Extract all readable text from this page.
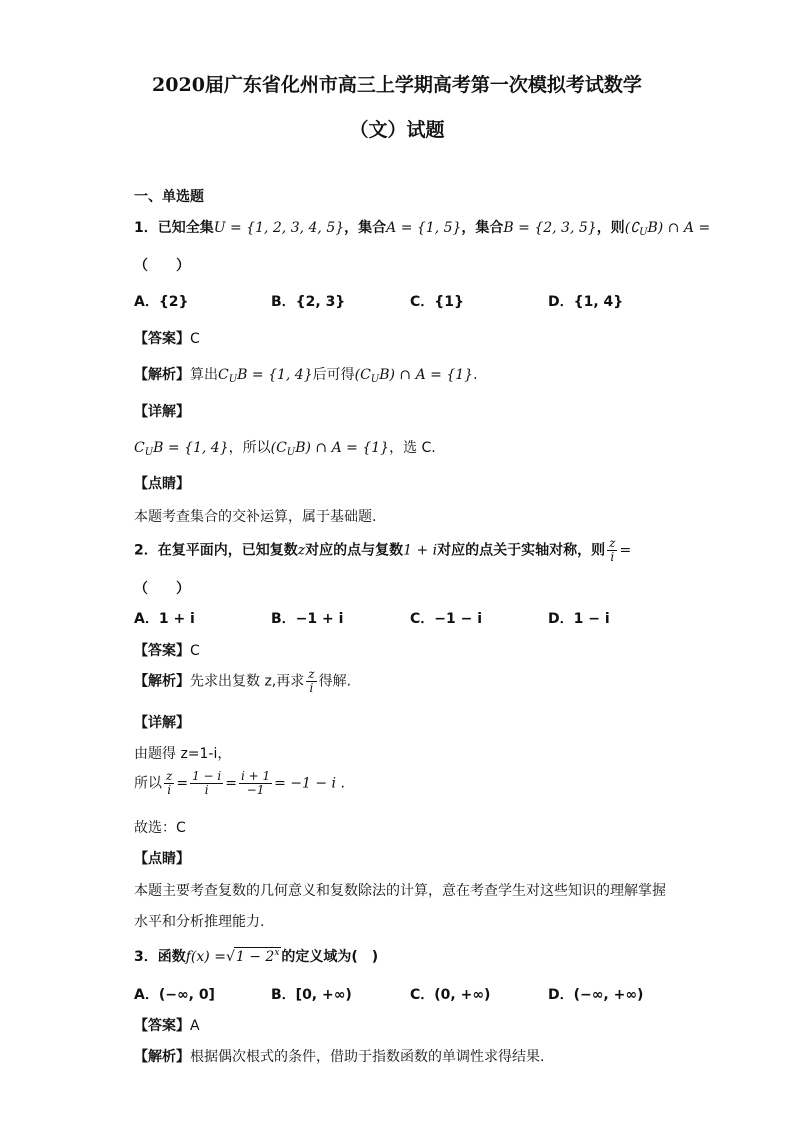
2020届广东省化州市高三上学期高考第一次模拟考试数学
（文）试题
一、单选题
1．已知全集U = {1, 2, 3, 4, 5}，集合A = {1, 5}，集合B = {2, 3, 5}，则$(∁_UB)$ ∩ A =
（　　）
A．{2}	B．{2, 3}	C．{1}	D．{1, 4}
【答案】C
【解析】算出$C_UB = \{1$, 4}后可得$(C_UB)$ ∩ A = {1}.
【详解】
$C_UB = \{1$, 4}，所以$(C_UB)$ ∩ A = {1}，选 C.
【点睛】
本题考查集合的交补运算，属于基础题.
2．在复平面内，已知复数z对应的点与复数1 + i对应的点关于实轴对称，则 $\frac{z}{i}$ =
（　　）
A．1 + i	B．−1 + i	C．−1 − i	D．1 − i
【答案】C
【解析】先求出复数 z,再求 $\frac{z}{i}$ 得解.
【详解】
由题得 z=1-i，
所以 $\frac{z}{i} = \frac{1 - i}{i} = \frac{i + 1}{-1} = -1 - i$ .
故选：C
【点睛】
本题主要考查复数的几何意义和复数除法的计算，意在考查学生对这些知识的理解掌握
水平和分析推理能力.
3．函数$f(x) =√1 - 2^x$ 的定义域为(　)
A．(−∞, 0]	B．[0, +∞)	C．(0, +∞)	D．(−∞, +∞)
【答案】A
【解析】根据偶次根式的条件，借助于指数函数的单调性求得结果.
